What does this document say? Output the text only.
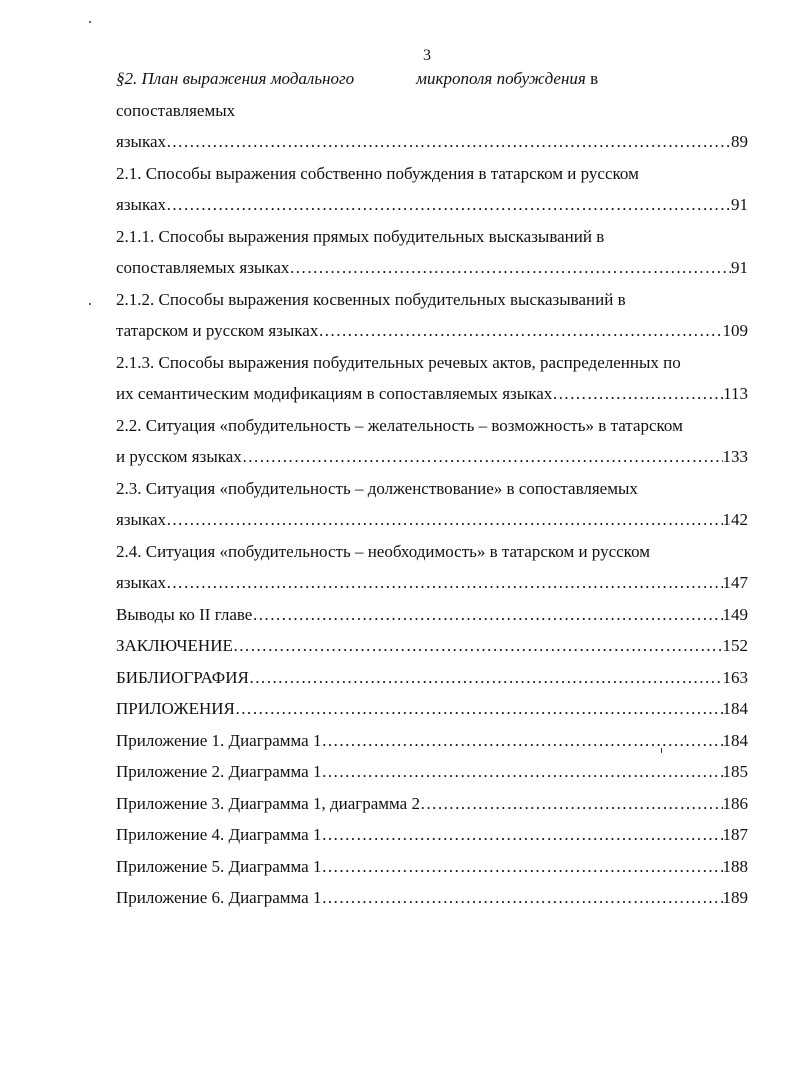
3
§2. План выражения модального	микрополя побуждения в
сопоставляемых
языках …………………………………………………………………………………………………………………………………………………………………………………………………………………………………………………	89
2.1. Способы выражения собственно побуждения в татарском и русском
языках …………………………………………………………………………………………………………………………………………………………………………………………………………………………………………………	91
2.1.1. Способы выражения прямых побудительных высказываний в
сопоставляемых языках …………………………………………………………………………………………………………………………………………………………………………………………………………………………………………………	91
2.1.2. Способы выражения косвенных побудительных высказываний в
татарском и русском языках …………………………………………………………………………………………………………………………………………………………………………………………………………………………………………………	109
2.1.3. Способы выражения побудительных речевых актов, распределенных по
их семантическим модификациям в сопоставляемых языках …………………………………………………………………………………………………………………………………………………………………………………………………………………………………………………	113
2.2. Ситуация «побудительность – желательность – возможность» в татарском
и русском языках …………………………………………………………………………………………………………………………………………………………………………………………………………………………………………………	133
2.3. Ситуация «побудительность – долженствование» в сопоставляемых
языках …………………………………………………………………………………………………………………………………………………………………………………………………………………………………………………	142
2.4. Ситуация «побудительность – необходимость» в татарском и русском
языках …………………………………………………………………………………………………………………………………………………………………………………………………………………………………………………	147
Выводы ко II главе …………………………………………………………………………………………………………………………………………………………………………………………………………………………………………………	149
ЗАКЛЮЧЕНИЕ …………………………………………………………………………………………………………………………………………………………………………………………………………………………………………………	152
БИБЛИОГРАФИЯ …………………………………………………………………………………………………………………………………………………………………………………………………………………………………………………	163
ПРИЛОЖЕНИЯ …………………………………………………………………………………………………………………………………………………………………………………………………………………………………………………	184
Приложение 1. Диаграмма 1 …………………………………………………………………………………………………………………………………………………………………………………………………………………………………………………	184
Приложение 2. Диаграмма 1 …………………………………………………………………………………………………………………………………………………………………………………………………………………………………………………	185
Приложение 3. Диаграмма 1, диаграмма 2 …………………………………………………………………………………………………………………………………………………………………………………………………………………………………………………	186
Приложение 4. Диаграмма 1 …………………………………………………………………………………………………………………………………………………………………………………………………………………………………………………	187
Приложение 5. Диаграмма 1 …………………………………………………………………………………………………………………………………………………………………………………………………………………………………………………	188
Приложение 6. Диаграмма 1 …………………………………………………………………………………………………………………………………………………………………………………………………………………………………………………	189
